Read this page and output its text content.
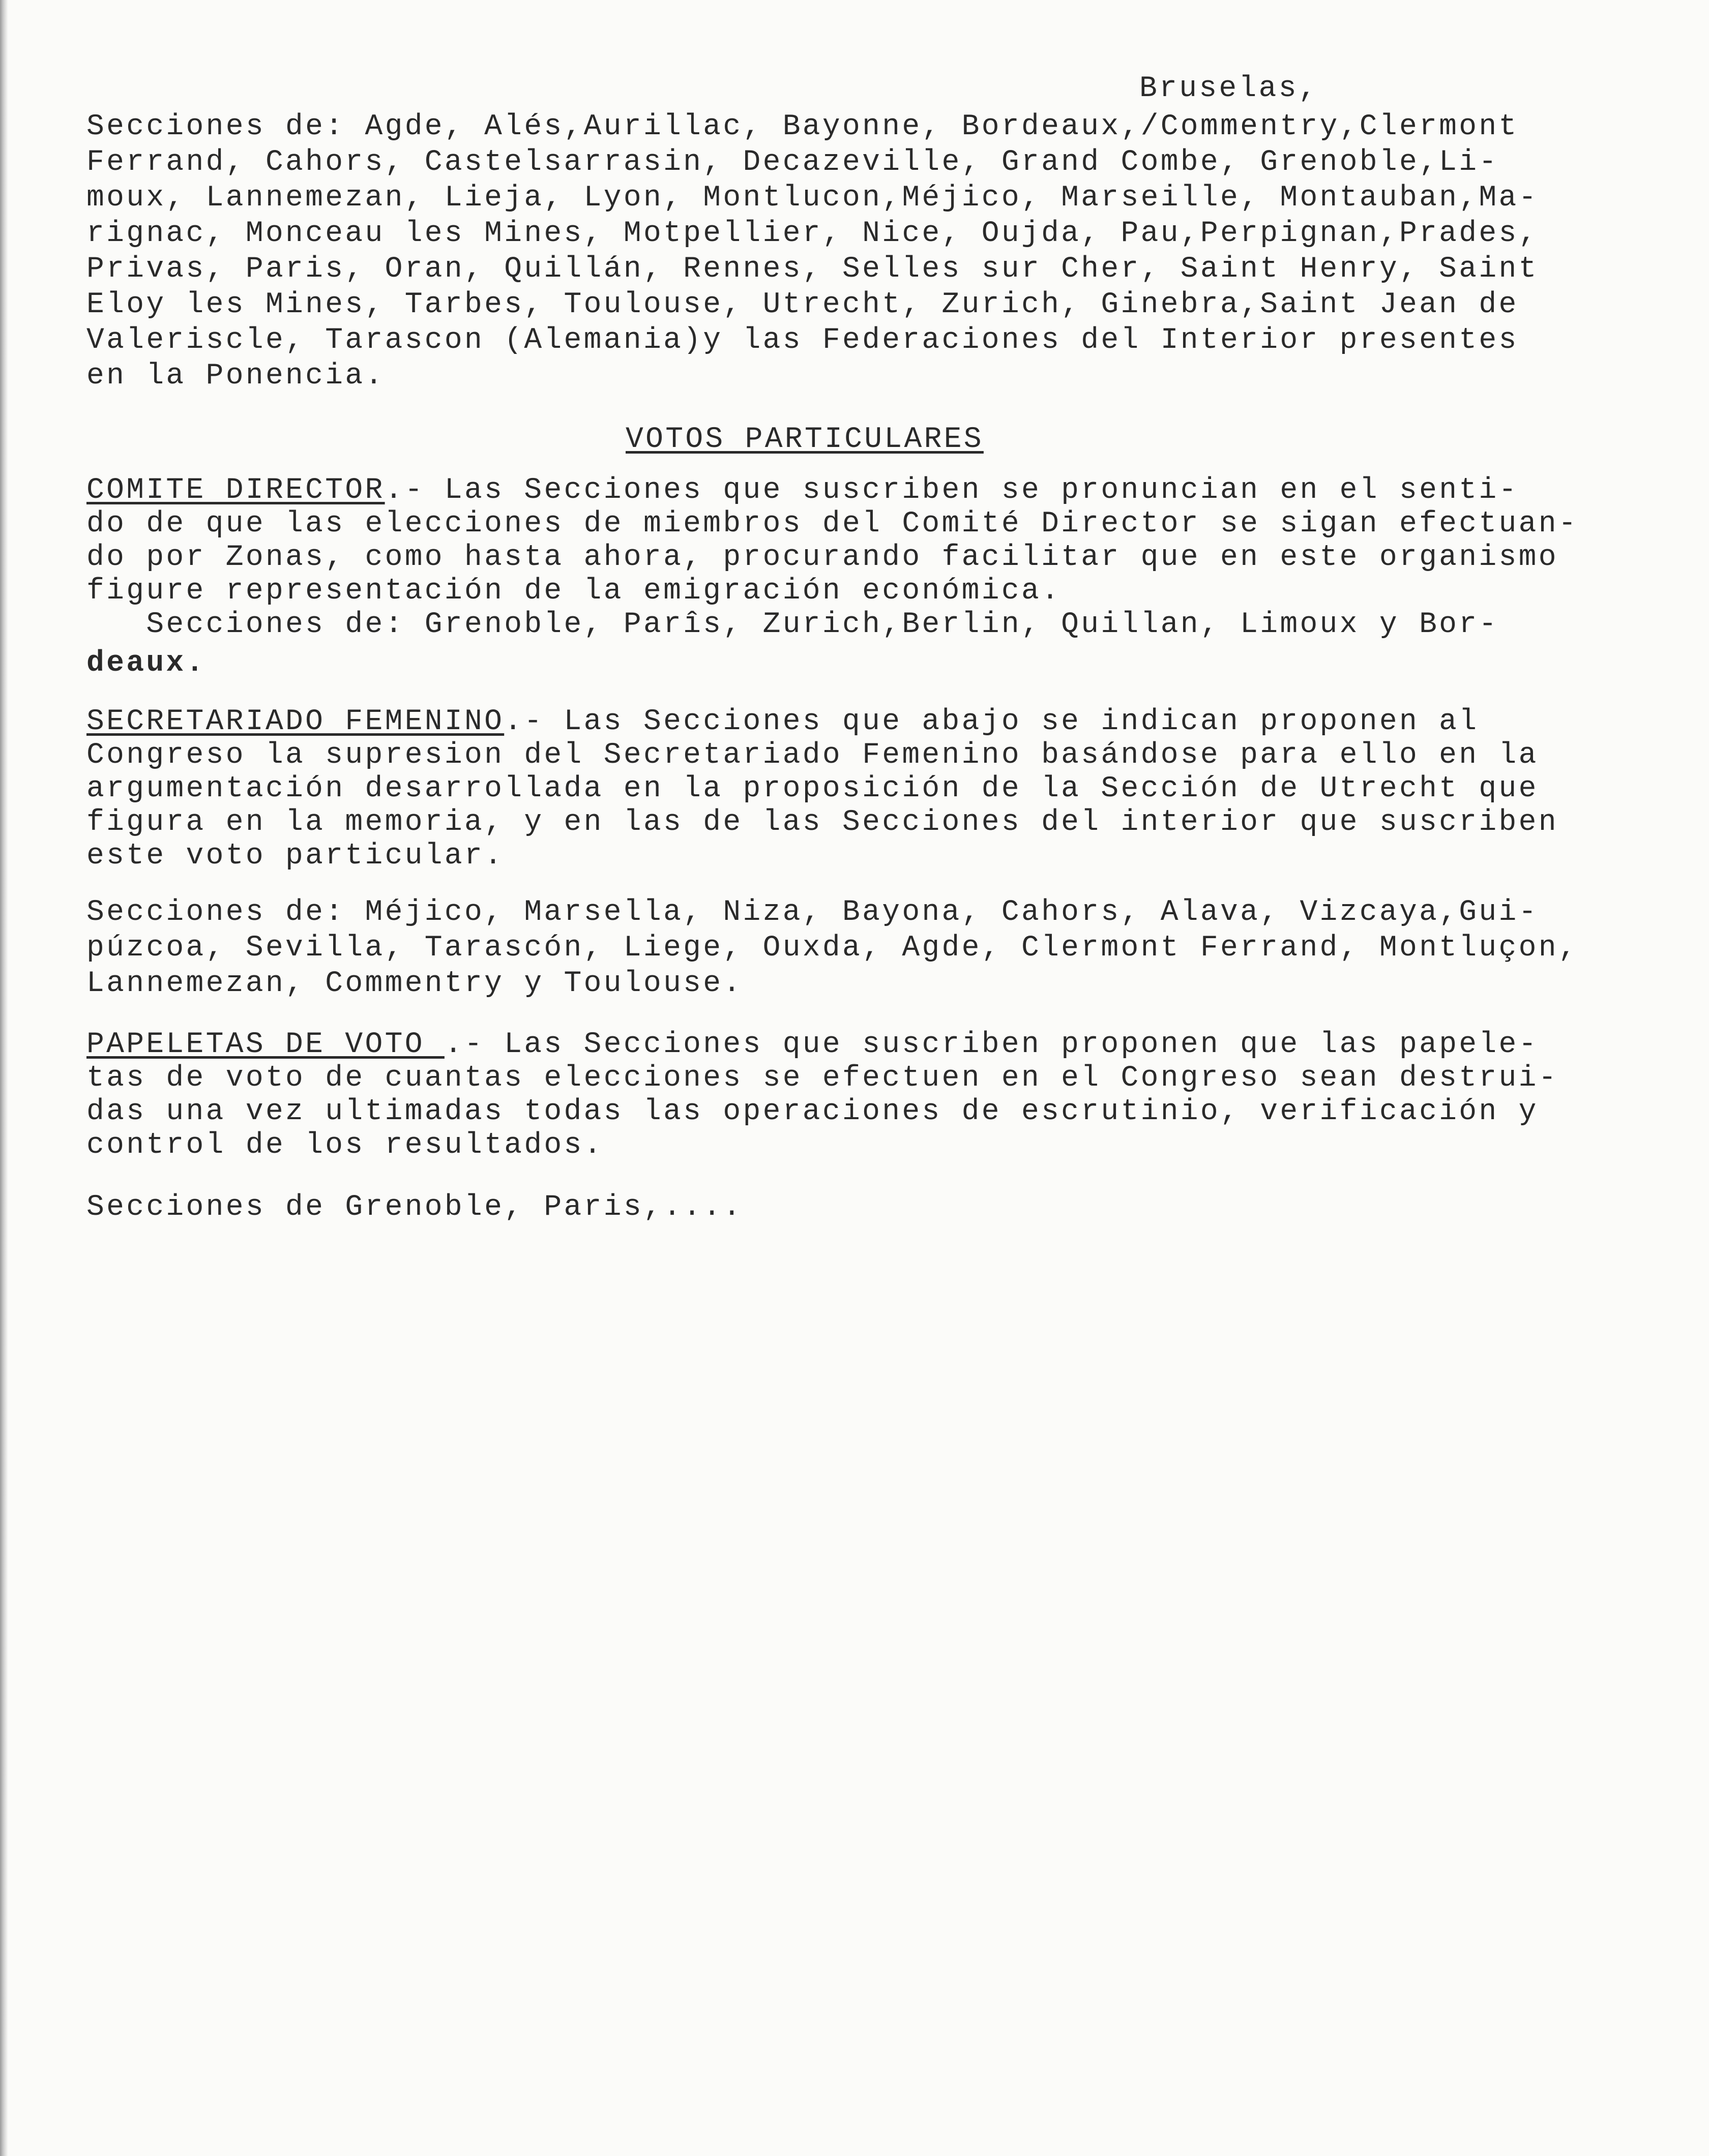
Bruselas,
Secciones de: Agde, Alés,Aurillac, Bayonne, Bordeaux,/Commentry,Clermont
Ferrand, Cahors, Castelsarrasin, Decazeville, Grand Combe, Grenoble,Li-
moux, Lannemezan, Lieja, Lyon, Montlucon,Méjico, Marseille, Montauban,Ma-
rignac, Monceau les Mines, Motpellier, Nice, Oujda, Pau,Perpignan,Prades,
Privas, Paris, Oran, Quillán, Rennes, Selles sur Cher, Saint Henry, Saint
Eloy les Mines, Tarbes, Toulouse, Utrecht, Zurich, Ginebra,Saint Jean de
Valeriscle, Tarascon (Alemania)y las Federaciones del Interior presentes
en la Ponencia.
VOTOS PARTICULARES
COMITE DIRECTOR.- Las Secciones que suscriben se pronuncian en el senti-
do de que las elecciones de miembros del Comité Director se sigan efectuan-
do por Zonas, como hasta ahora, procurando facilitar que en este organismo
figure representación de la emigración económica.
Secciones de: Grenoble, Parîs, Zurich,Berlin, Quillan, Limoux y Bor-
deaux.
SECRETARIADO FEMENINO.- Las Secciones que abajo se indican proponen al
Congreso la supresion del Secretariado Femenino basándose para ello en la
argumentación desarrollada en la proposición de la Sección de Utrecht que
figura en la memoria, y en las de las Secciones del interior que suscriben
este voto particular.
Secciones de: Méjico, Marsella, Niza, Bayona, Cahors, Alava, Vizcaya,Gui-
púzcoa, Sevilla, Tarascón, Liege, Ouxda, Agde, Clermont Ferrand, Montluçon,
Lannemezan, Commentry y Toulouse.
PAPELETAS DE VOTO .- Las Secciones que suscriben proponen que las papele-
tas de voto de cuantas elecciones se efectuen en el Congreso sean destrui-
das una vez ultimadas todas las operaciones de escrutinio, verificación y
control de los resultados.
Secciones de Grenoble, Paris,....
